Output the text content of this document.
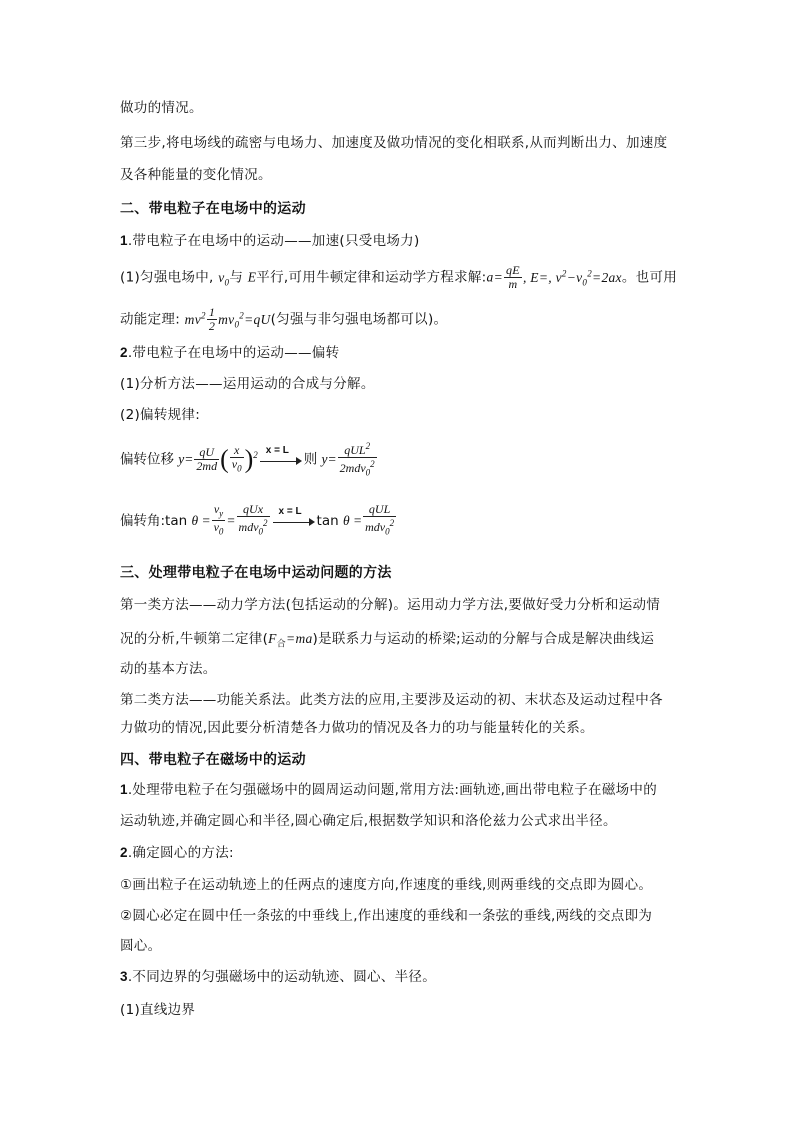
做功的情况。
第三步,将电场线的疏密与电场力、加速度及做功情况的变化相联系,从而判断出力、加速度
及各种能量的变化情况。
二、带电粒子在电场中的运动
1.带电粒子在电场中的运动——加速(只受电场力)
(1)匀强电场中, $v_0$与 E平行,可用牛顿定律和运动学方程求解:a= $\frac{qE}{m}$ , E=, $v^2-v_0^2=2ax$。也可用
动能定理: $mv^2 \frac{1}{2} mv_0^2=qU$(匀强与非匀强电场都可以)。
2.带电粒子在电场中的运动——偏转
(1)分析方法——运用运动的合成与分解。
(2)偏转规律:
偏转位移 $y= \frac{qU}{2md}$ ( $\frac{x}{v_0} )^2$ x = L
则 $y= \frac{qUL^2}{2mdv_0^2}$
偏转角:tan $\theta = \frac{v_y}{v_0} = \frac{\text{qUx}}{mdv_0^2}$ x = L
$\tan \theta = \frac{\text{qUL}}{mdv_0^2}$
三、处理带电粒子在电场中运动问题的方法
第一类方法——动力学方法(包括运动的分解)。运用动力学方法,要做好受力分析和运动情
况的分析,牛顿第二定律$(F_合=ma)$是联系力与运动的桥梁;运动的分解与合成是解决曲线运
动的基本方法。
第二类方法——功能关系法。此类方法的应用,主要涉及运动的初、末状态及运动过程中各
力做功的情况,因此要分析清楚各力做功的情况及各力的功与能量转化的关系。
四、带电粒子在磁场中的运动
1.处理带电粒子在匀强磁场中的圆周运动问题,常用方法:画轨迹,画出带电粒子在磁场中的
运动轨迹,并确定圆心和半径,圆心确定后,根据数学知识和洛伦兹力公式求出半径。
2.确定圆心的方法:
①画出粒子在运动轨迹上的任两点的速度方向,作速度的垂线,则两垂线的交点即为圆心。
②圆心必定在圆中任一条弦的中垂线上,作出速度的垂线和一条弦的垂线,两线的交点即为
圆心。
3.不同边界的匀强磁场中的运动轨迹、圆心、半径。
(1)直线边界
